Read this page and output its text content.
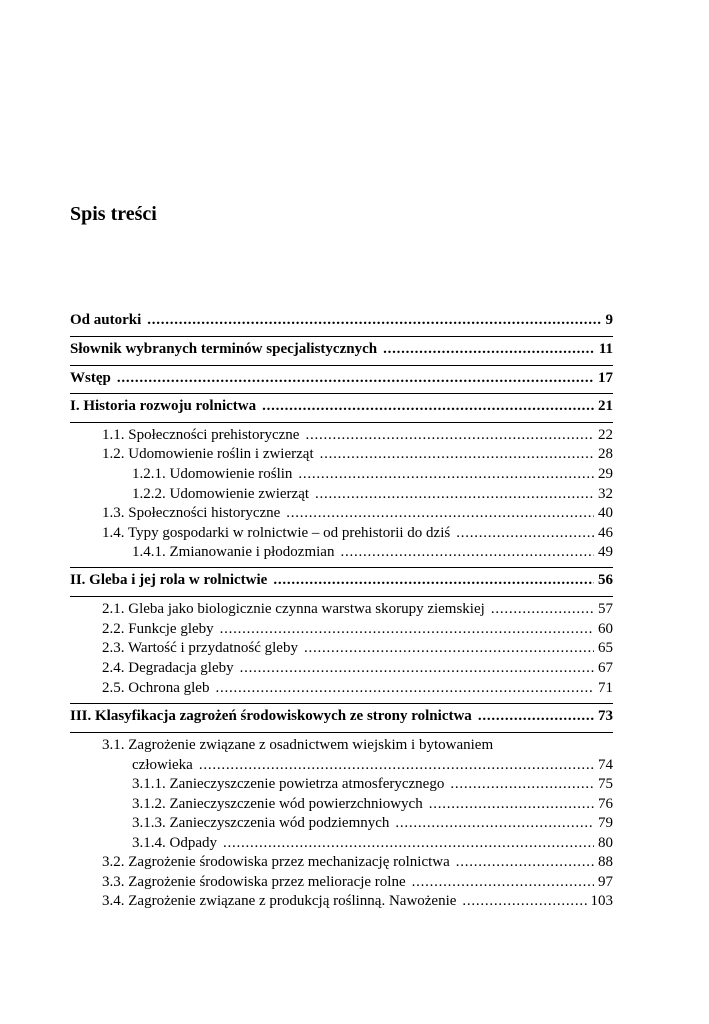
Spis treści
Od autorki . . .	9
Słownik wybranych terminów specjalistycznych . . .	11
Wstęp . . .	17
I. Historia rozwoju rolnictwa . . .	21
1.1. Społeczności prehistoryczne . . .	22
1.2. Udomowienie roślin i zwierząt . . .	28
1.2.1. Udomowienie roślin . . .	29
1.2.2. Udomowienie zwierząt . . .	32
1.3. Społeczności historyczne . . .	40
1.4. Typy gospodarki w rolnictwie – od prehistorii do dziś . . .	46
1.4.1. Zmianowanie i płodozmian . . .	49
II. Gleba i jej rola w rolnictwie . . .	56
2.1. Gleba jako biologicznie czynna warstwa skorupy ziemskiej . . .	57
2.2. Funkcje gleby . . .	60
2.3. Wartość i przydatność gleby . . .	65
2.4. Degradacja gleby . . .	67
2.5. Ochrona gleb . . .	71
III. Klasyfikacja zagrożeń środowiskowych ze strony rolnictwa . . .	73
3.1. Zagrożenie związane z osadnictwem wiejskim i bytowaniem
człowieka . . .	74
3.1.1. Zanieczyszczenie powietrza atmosferycznego . . .	75
3.1.2. Zanieczyszczenie wód powierzchniowych . . .	76
3.1.3. Zanieczyszczenia wód podziemnych . . .	79
3.1.4. Odpady . . .	80
3.2. Zagrożenie środowiska przez mechanizację rolnictwa . . .	88
3.3. Zagrożenie środowiska przez melioracje rolne . . .	97
3.4. Zagrożenie związane z produkcją roślinną. Nawożenie . . .	103
